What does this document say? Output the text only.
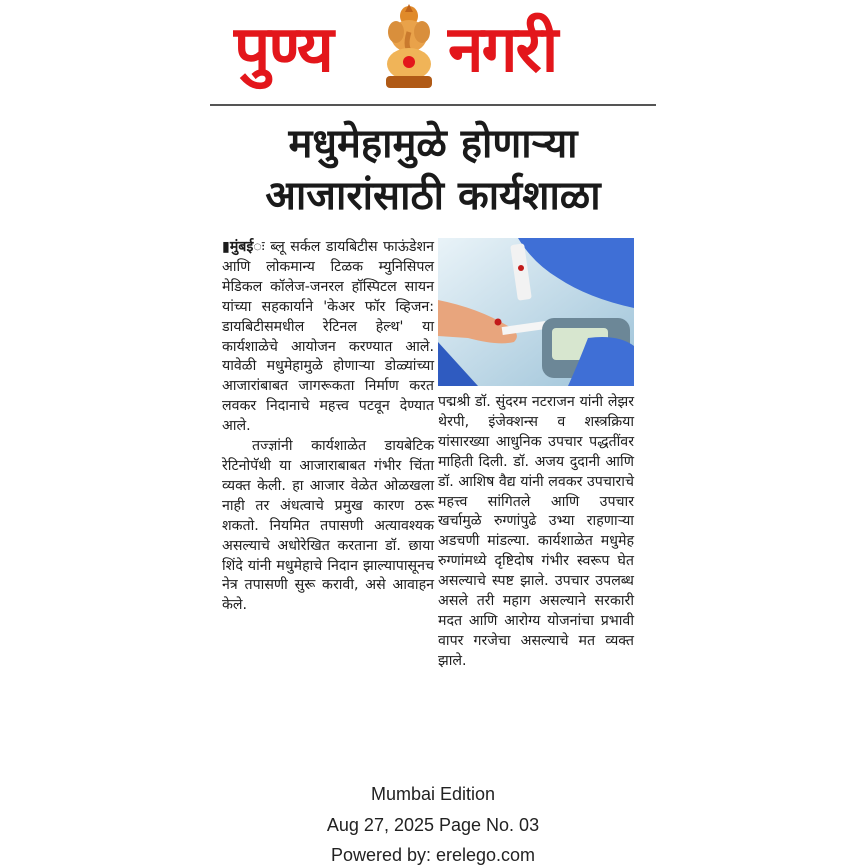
पुण्य नगरी
मधुमेहामुळे होणाऱ्या
आजारांसाठी कार्यशाळा

▮मुंबईः ब्लू सर्कल डायबिटीस फाऊंडेशन आणि लोकमान्य टिळक म्युनिसिपल मेडिकल कॉलेज-जनरल हॉस्पिटल सायन यांच्या सहकार्याने 'केअर फॉर व्हिजन: डायबिटीसमधील रेटिनल हेल्थ' या कार्यशाळेचे आयोजन करण्यात आले. यावेळी मधुमेहामुळे होणाऱ्या डोळ्यांच्या आजारांबाबत जागरूकता निर्माण करत लवकर निदानाचे महत्त्व पटवून देण्यात आले.

तज्ज्ञांनी कार्यशाळेत डायबेटिक रेटिनोपॅथी या आजाराबाबत गंभीर चिंता व्यक्त केली. हा आजार वेळेत ओळखला नाही तर अंधत्वाचे प्रमुख कारण ठरू शकतो. नियमित तपासणी अत्यावश्यक असल्याचे अधोरेखित करताना डॉ. छाया शिंदे यांनी मधुमेहाचे निदान झाल्यापासूनच नेत्र तपासणी सुरू करावी, असे आवाहन केले.

पद्मश्री डॉ. सुंदरम नटराजन यांनी लेझर थेरपी, इंजेक्शन्स व शस्त्रक्रिया यांसारख्या आधुनिक उपचार पद्धतींवर माहिती दिली. डॉ. अजय दुदानी आणि डॉ. आशिष वैद्य यांनी लवकर उपचाराचे महत्त्व सांगितले आणि उपचार खर्चामुळे रुग्णांपुढे उभ्या राहणाऱ्या अडचणी मांडल्या. कार्यशाळेत मधुमेह रुग्णांमध्ये दृष्टिदोष गंभीर स्वरूप घेत असल्याचे स्पष्ट झाले. उपचार उपलब्ध असले तरी महाग असल्याने सरकारी मदत आणि आरोग्य योजनांचा प्रभावी वापर गरजेचा असल्याचे मत व्यक्त झाले.

Mumbai Edition
Aug 27, 2025 Page No. 03
Powered by: erelego.com
